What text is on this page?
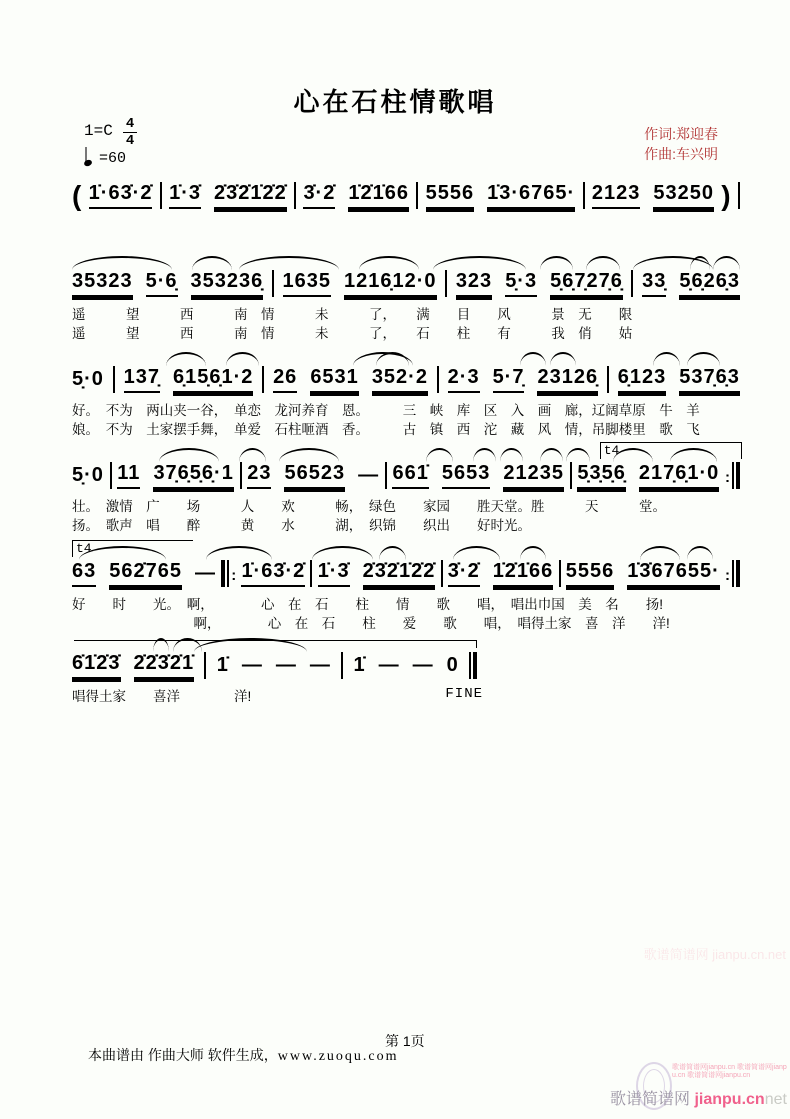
心在石柱情歌唱
$1=C \frac{4}{4}$
=60
作词:郑迎春
作曲:车兴明
( 1̇·63̇·2̇ 1̇·3̇ 2̇3̇2̇1̇2̇2̇ 3̇·2̇ 1̇2̇1̇66 5556 1̇3·6765· 2123 53250 )
35323 5·6̣ 353236̣ 1635 1216̣12·0 323 5̣·3 5̣6̣7̣27̣6̣ 33̣ 5̣6̣26̣3
遥　　　望　　　西　　　南　情　　　未　　　了，　　满　　目　　风　　　景　无　　限
遥　　　望　　　西　　　南　情　　　未　　　了，　　石　　柱　　有　　　我　俏　　姑
5̣·0 137̣ 6̣15̣6̣1·2 26 6531 352·2 2·3 5·7̣ 23126̣ 6̣123 537̣6̣3
好。　不为　两山夹一谷，　单恋　龙河养育　恩。　　　三　峡　库　区　入　画　廊，辽阔草原　牛　羊
娘。　不为　土家摆手舞，　单爱　石柱咂酒　香。　　　古　镇　西　沱　藏　风　情，吊脚楼里　歌　飞
t4
5̣·0 11 37̣6̣5̣6̣·1 23 56523 — 661̇ 5653 21235 5̣3̣5̣6̣ 217̣6̣1·0 :
壮。　激情　广　　场　　　人　　欢　　　畅，　绿色　　家园　　胜天堂。胜　　　天　　　堂。
扬。　歌声　唱　　醉　　　黄　　水　　　湖，　织锦　　织出　　好时光。
t4
63 562̇765 — : 1̇·63̇·2̇ 1̇·3̇ 2̇3̇2̇1̇2̇2̇ 3̇·2̇ 1̇2̇1̇66 5556 1̇3̇67655· :
好　　时　　光。　啊，　　　　心　在　石　　柱　　情　　歌　　唱，　唱出巾国　美　名　　扬!
　　　　　　　　　啊，　　　　心　在　石　　柱　　爱　　歌　　唱，　唱得土家　喜　洋　　洋!
6̇1̇2̇3̇ 2̇2̇3̇2̇1̇ 1̇ — — — 1̇ — — 0
FINE
唱得土家　　喜洋　　　　洋!
第 1页
本曲谱由 作曲大师 软件生成，www.zuoqu.com
歌谱简谱网 jianpu.cn.net
歌谱简谱网jianpu.cn 歌谱简谱网jianpu.cn 歌谱简谱网jianpu.cn
歌谱简谱网 jianpu.cnnet
